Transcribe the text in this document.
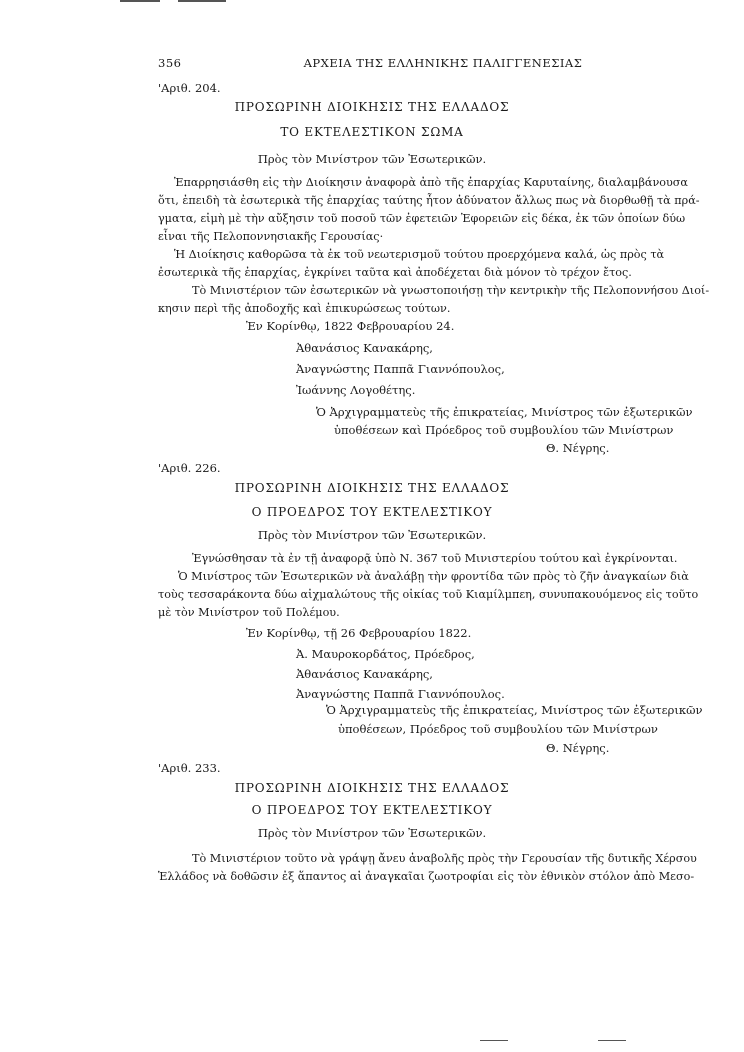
356	ΑΡΧΕΙΑ ΤΗΣ ΕΛΛΗΝΙΚΗΣ ΠΑΛΙΓΓΕΝΕΣΙΑΣ
'Αριθ. 204.
ΠΡΟΣΩΡΙΝΗ ΔΙΟΙΚΗΣΙΣ ΤΗΣ ΕΛΛΑΔΟΣ
ΤΟ ΕΚΤΕΛΕΣΤΙΚΟΝ ΣΩΜΑ
Πρὸς τὸν Μινίστρον τῶν Ἐσωτερικῶν.
Ἐπαρρησιάσθη εἰς τὴν Διοίκησιν ἀναφορὰ ἀπὸ τῆς ἐπαρχίας Καρυταίνης, διαλαμβάνουσα
ὅτι, ἐπειδὴ τὰ ἐσωτερικὰ τῆς ἐπαρχίας ταύτης ἦτον ἀδύνατον ἄλλως πως νὰ διορθωθῇ τὰ πρά-
γματα, εἰμὴ μὲ τὴν αὔξησιν τοῦ ποσοῦ τῶν ἐφετειῶν Ἐφορειῶν εἰς δέκα, ἐκ τῶν ὁποίων δύω
εἶναι τῆς Πελοποννησιακῆς Γερουσίας·
Ἡ Διοίκησις καθορῶσα τὰ ἐκ τοῦ νεωτερισμοῦ τούτου προερχόμενα καλά, ὡς πρὸς τὰ
ἐσωτερικὰ τῆς ἐπαρχίας, ἐγκρίνει ταῦτα καὶ ἀποδέχεται διὰ μόνον τὸ τρέχον ἔτος.
Τὸ Μινιστέριον τῶν ἐσωτερικῶν νὰ γνωστοποιήσῃ τὴν κεντρικὴν τῆς Πελοποννήσου Διοί-
κησιν περὶ τῆς ἀποδοχῆς καὶ ἐπικυρώσεως τούτων.
Ἐν Κορίνθῳ, 1822 Φεβρουαρίου 24.
Ἀθανάσιος Κανακάρης,
Ἀναγνώστης Παππᾶ Γιαννόπουλος,
Ἰωάννης Λογοθέτης.
Ὁ Ἀρχιγραμματεὺς τῆς ἐπικρατείας, Μινίστρος τῶν ἐξωτερικῶν
ὑποθέσεων καὶ Πρόεδρος τοῦ συμβουλίου τῶν Μινίστρων
Θ. Νέγρης.
'Αριθ. 226.
ΠΡΟΣΩΡΙΝΗ ΔΙΟΙΚΗΣΙΣ ΤΗΣ ΕΛΛΑΔΟΣ
Ο ΠΡΟΕΔΡΟΣ ΤΟΥ ΕΚΤΕΛΕΣΤΙΚΟΥ
Πρὸς τὸν Μινίστρον τῶν Ἐσωτερικῶν.
Ἐγνώσθησαν τὰ ἐν τῇ ἀναφορᾷ ὑπὸ Ν. 367 τοῦ Μινιστερίου τούτου καὶ ἐγκρίνονται.
Ὁ Μινίστρος τῶν Ἐσωτερικῶν νὰ ἀναλάβῃ τὴν φροντίδα τῶν πρὸς τὸ ζῆν ἀναγκαίων διὰ
τοὺς τεσσαράκοντα δύω αἰχμαλώτους τῆς οἰκίας τοῦ Κιαμίλμπεη, συνυπακουόμενος εἰς τοῦτο
μὲ τὸν Μινίστρον τοῦ Πολέμου.
Ἐν Κορίνθῳ, τῇ 26 Φεβρουαρίου 1822.
Ἀ. Μαυροκορδάτος, Πρόεδρος,
Ἀθανάσιος Κανακάρης,
Ἀναγνώστης Παππᾶ Γιαννόπουλος.
Ὁ Ἀρχιγραμματεὺς τῆς ἐπικρατείας, Μινίστρος τῶν ἐξωτερικῶν
ὑποθέσεων, Πρόεδρος τοῦ συμβουλίου τῶν Μινίστρων
Θ. Νέγρης.
'Αριθ. 233.
ΠΡΟΣΩΡΙΝΗ ΔΙΟΙΚΗΣΙΣ ΤΗΣ ΕΛΛΑΔΟΣ
Ο ΠΡΟΕΔΡΟΣ ΤΟΥ ΕΚΤΕΛΕΣΤΙΚΟΥ
Πρὸς τὸν Μινίστρον τῶν Ἐσωτερικῶν.
Τὸ Μινιστέριον τοῦτο νὰ γράψῃ ἄνευ ἀναβολῆς πρὸς τὴν Γερουσίαν τῆς δυτικῆς Χέρσου
Ἑλλάδος νὰ δοθῶσιν ἐξ ἅπαντος αἱ ἀναγκαῖαι ζωοτροφίαι εἰς τὸν ἐθνικὸν στόλον ἀπὸ Μεσο-
